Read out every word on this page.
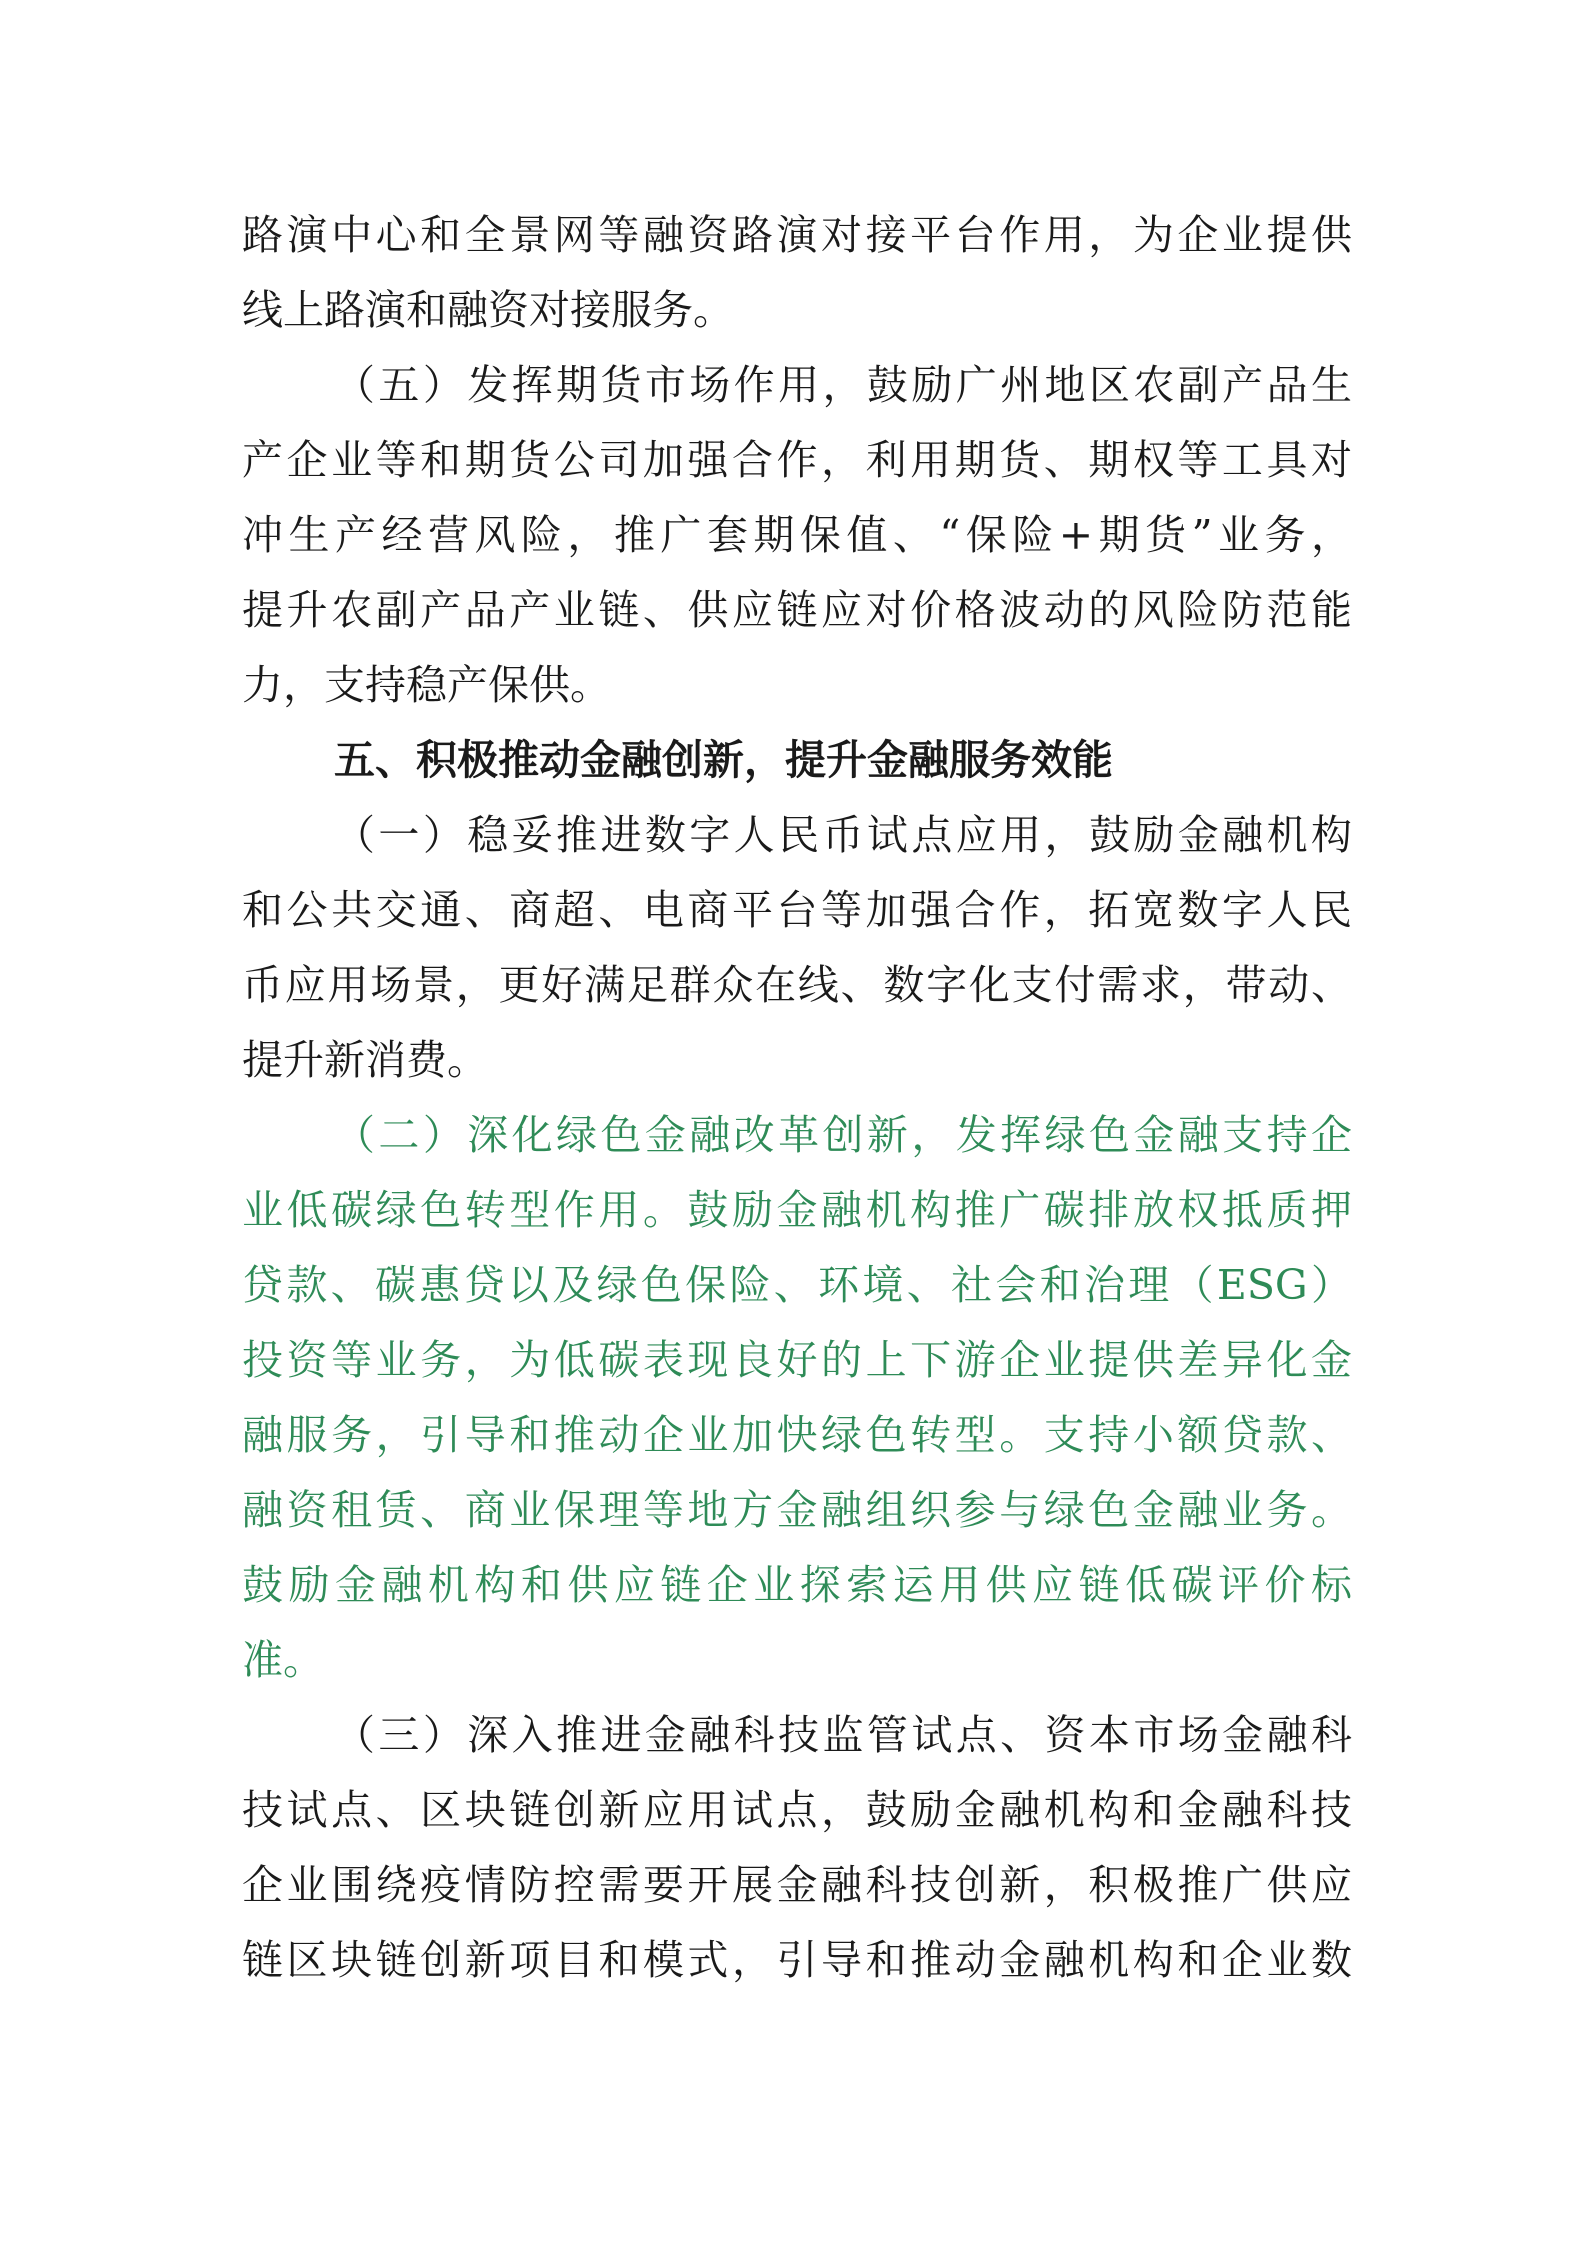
路演中心和全景网等融资路演对接平台作用，为企业提供
线上路演和融资对接服务。
（五）发挥期货市场作用，鼓励广州地区农副产品生
产企业等和期货公司加强合作，利用期货、期权等工具对
冲生产经营风险，推广套期保值、“保险+期货”业务，
提升农副产品产业链、供应链应对价格波动的风险防范能
力，支持稳产保供。
五、积极推动金融创新，提升金融服务效能
（一）稳妥推进数字人民币试点应用，鼓励金融机构
和公共交通、商超、电商平台等加强合作，拓宽数字人民
币应用场景，更好满足群众在线、数字化支付需求，带动、
提升新消费。
（二）深化绿色金融改革创新，发挥绿色金融支持企
业低碳绿色转型作用。鼓励金融机构推广碳排放权抵质押
贷款、碳惠贷以及绿色保险、环境、社会和治理（ESG）
投资等业务，为低碳表现良好的上下游企业提供差异化金
融服务，引导和推动企业加快绿色转型。支持小额贷款、
融资租赁、商业保理等地方金融组织参与绿色金融业务。
鼓励金融机构和供应链企业探索运用供应链低碳评价标
准。
（三）深入推进金融科技监管试点、资本市场金融科
技试点、区块链创新应用试点，鼓励金融机构和金融科技
企业围绕疫情防控需要开展金融科技创新，积极推广供应
链区块链创新项目和模式，引导和推动金融机构和企业数
